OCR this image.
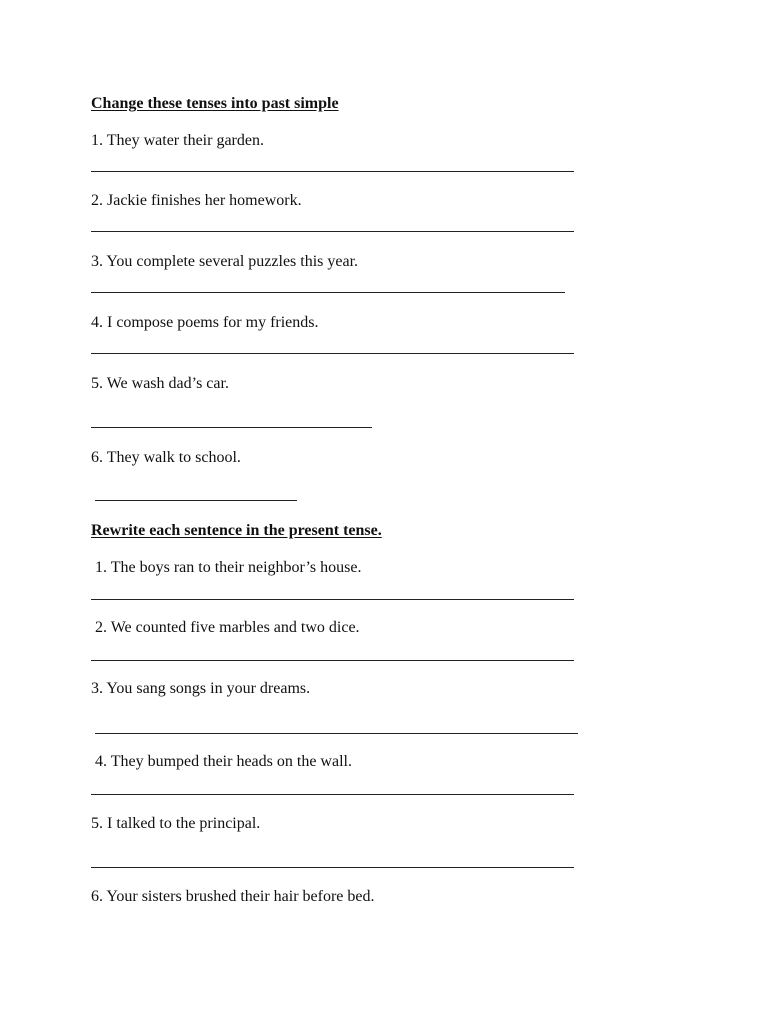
Change these tenses into past simple

1. They water their garden.

2. Jackie finishes her homework.

3. You complete several puzzles this year.

4. I compose poems for my friends.

5. We wash dad’s car.

6. They walk to school.

Rewrite each sentence in the present tense.

1. The boys ran to their neighbor’s house.

2. We counted five marbles and two dice.

3. You sang songs in your dreams.

4. They bumped their heads on the wall.

5. I talked to the principal.

6. Your sisters brushed their hair before bed.
